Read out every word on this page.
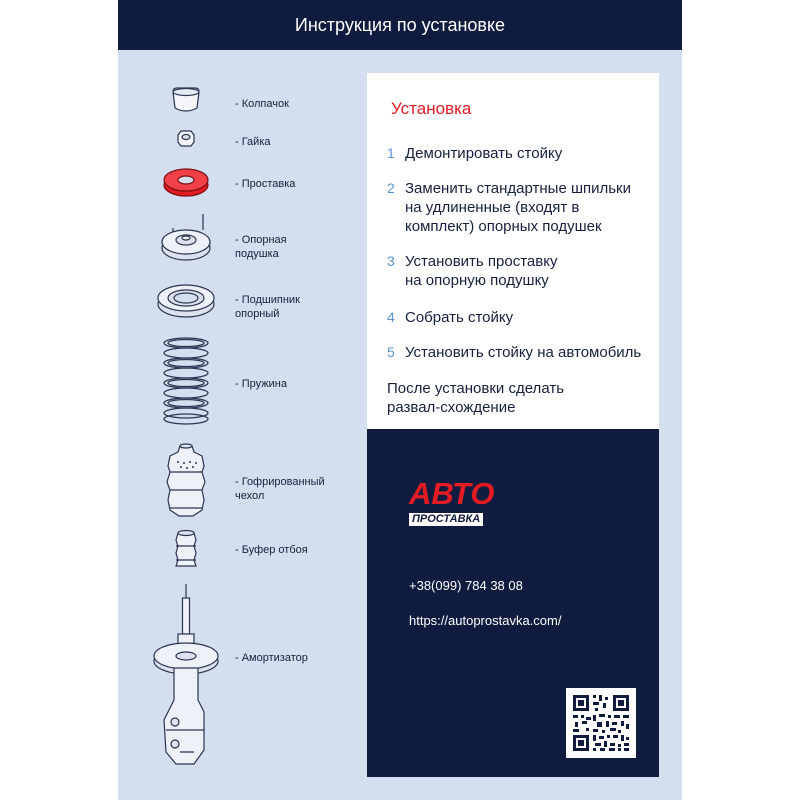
Инструкция по установке
- Колпачок
- Гайка
- Проставка
- Опорная
подушка
- Подшипник
опорный
- Пружина
- Гофрированный
чехол
- Буфер отбоя
- Амортизатор
Установка
1 Демонтировать стойку
2 Заменить стандартные шпильки
на удлиненные (входят в
комплект) опорных подушек
3 Установить проставку
на опорную подушку
4 Собрать стойку
5 Установить стойку на автомобиль
После установки сделать
развал-схождение
АВТО
ПРОСТАВКА
+38(099) 784 38 08
https://autoprostavka.com/
